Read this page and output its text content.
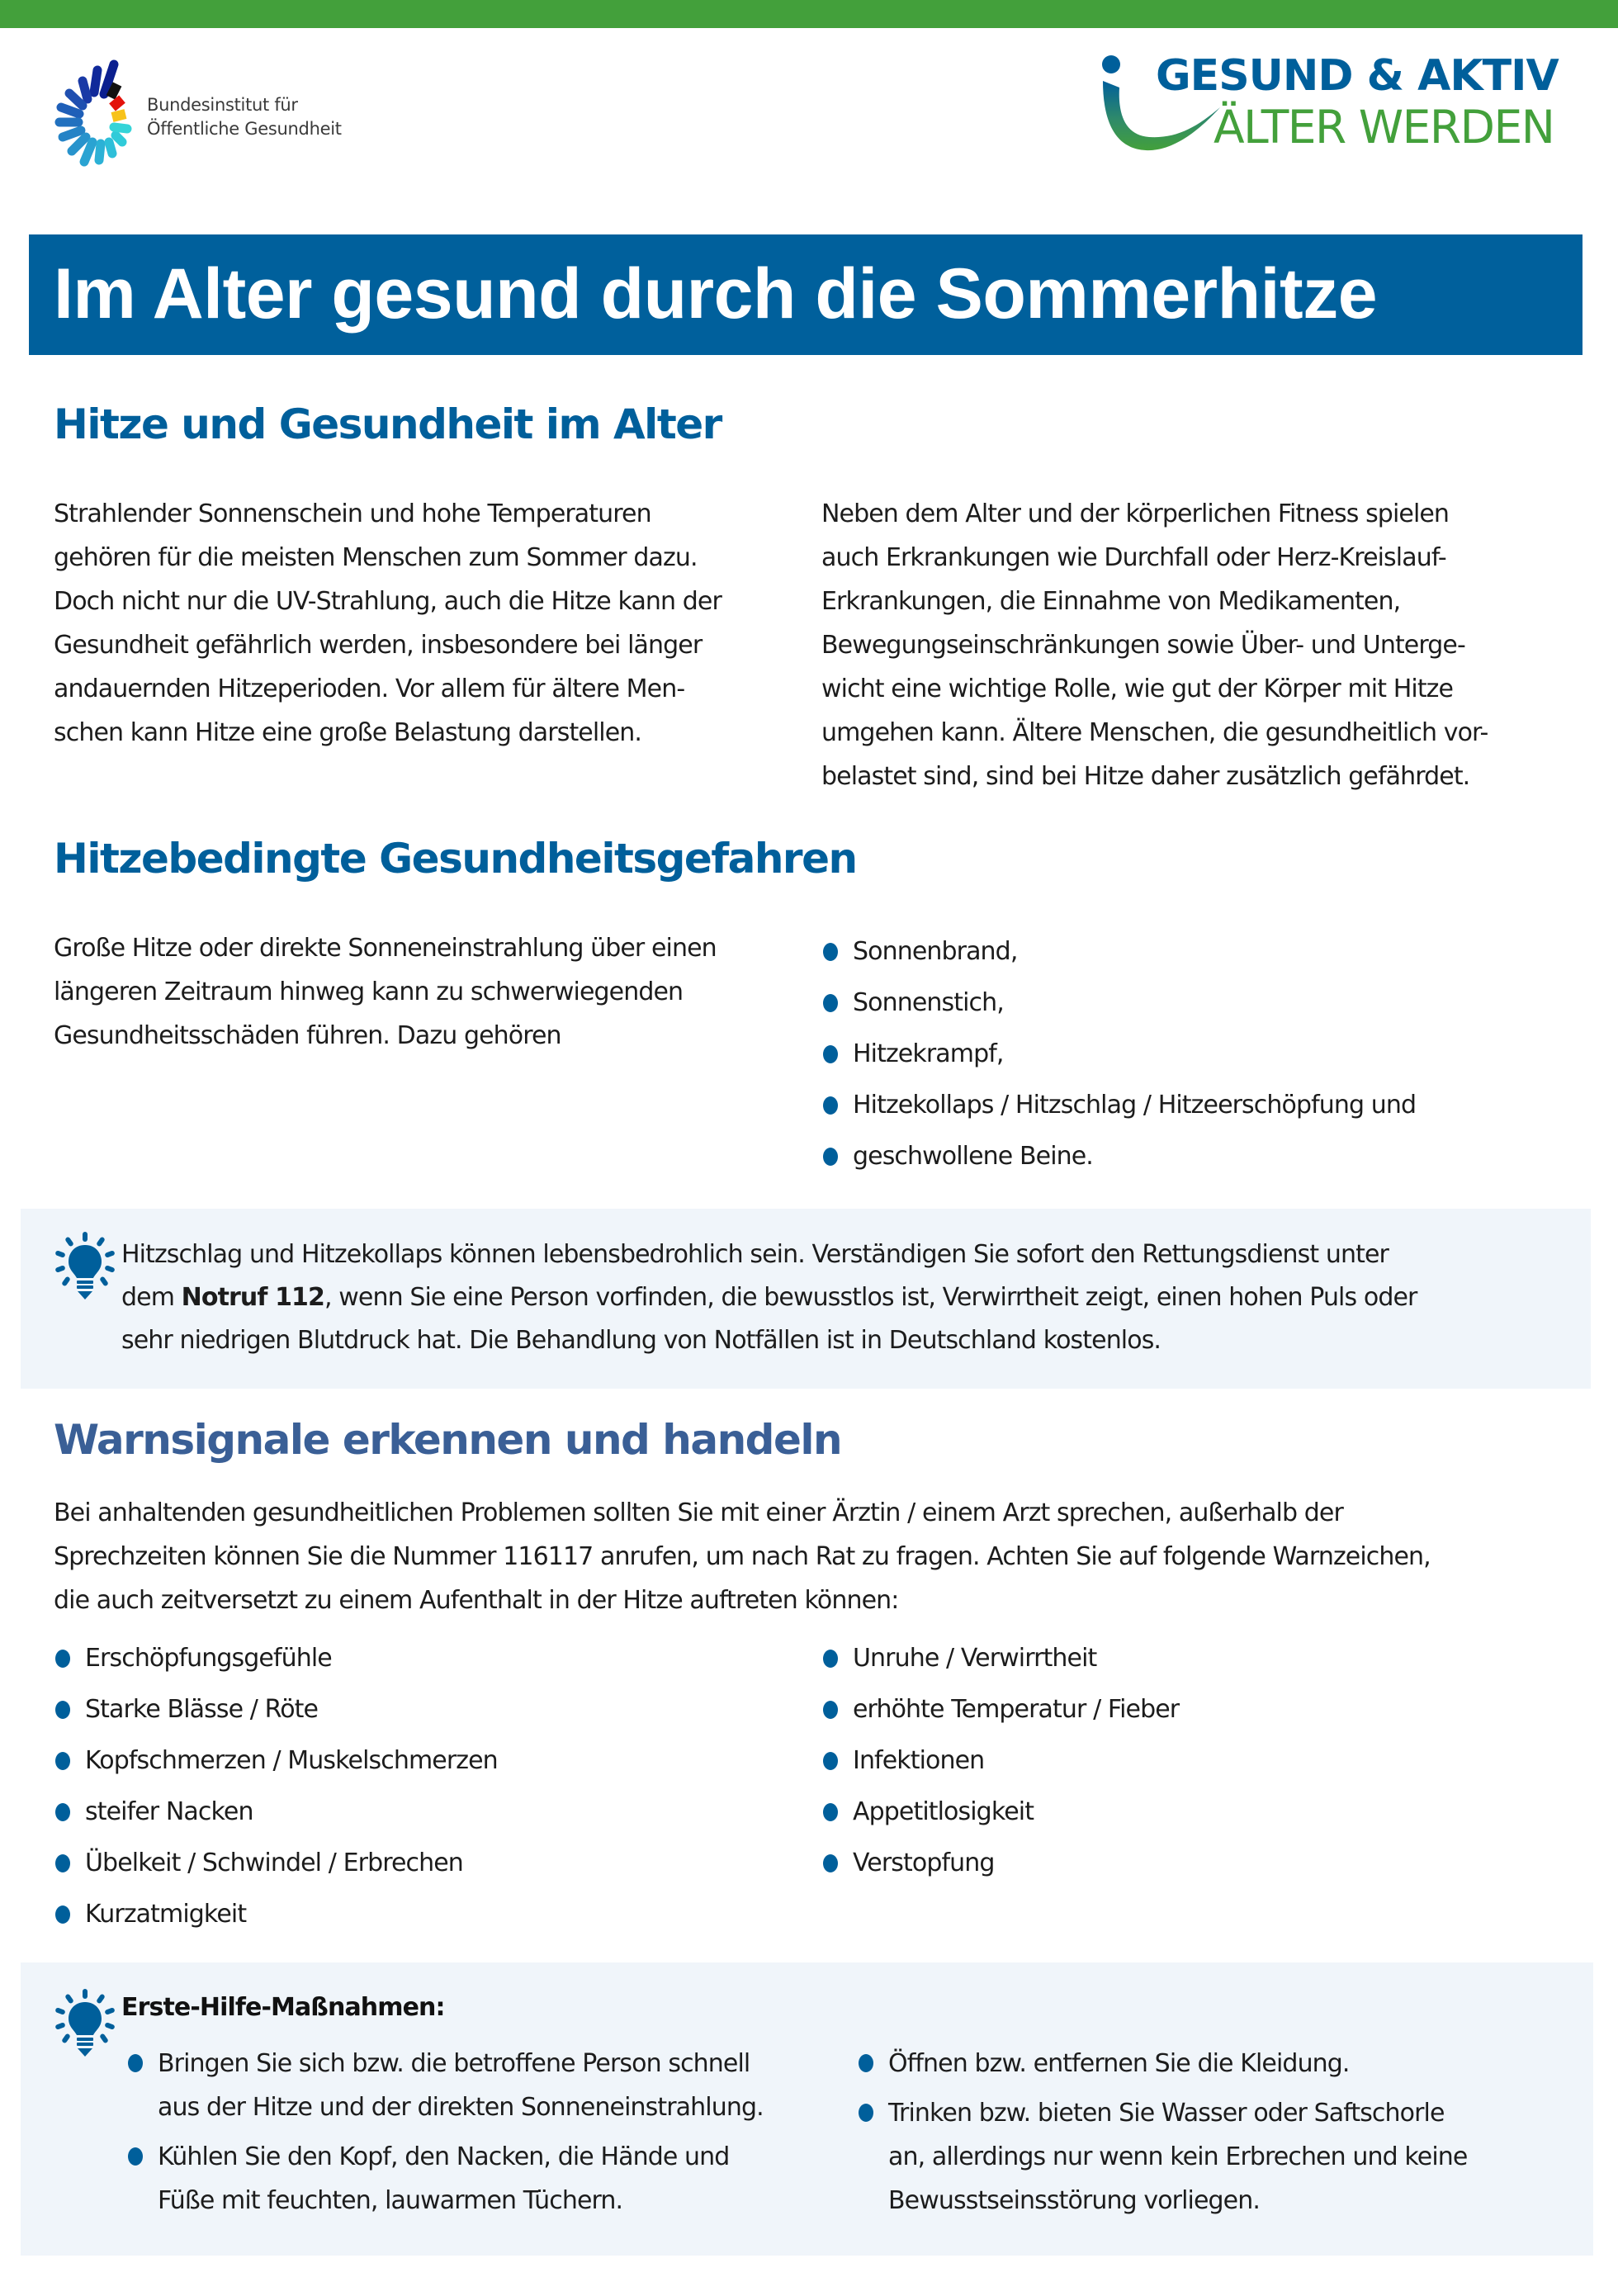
Bundesinstitut für
Öffentliche Gesundheit
GESUND & AKTIV
ÄLTER WERDEN
Im Alter gesund durch die Sommerhitze
Hitze und Gesundheit im Alter
Strahlender Sonnenschein und hohe Temperaturen
gehören für die meisten Menschen zum Sommer dazu.
Doch nicht nur die UV-Strahlung, auch die Hitze kann der
Gesundheit gefährlich werden, insbesondere bei länger
andauernden Hitzeperioden. Vor allem für ältere Men-
schen kann Hitze eine große Belastung darstellen.
Neben dem Alter und der körperlichen Fitness spielen
auch Erkrankungen wie Durchfall oder Herz-Kreislauf-
Erkrankungen, die Einnahme von Medikamenten,
Bewegungseinschränkungen sowie Über- und Unterge-
wicht eine wichtige Rolle, wie gut der Körper mit Hitze
umgehen kann. Ältere Menschen, die gesundheitlich vor-
belastet sind, sind bei Hitze daher zusätzlich gefährdet.
Hitzebedingte Gesundheitsgefahren
Große Hitze oder direkte Sonneneinstrahlung über einen
längeren Zeitraum hinweg kann zu schwerwiegenden
Gesundheitsschäden führen. Dazu gehören
Sonnenbrand,
Sonnenstich,
Hitzekrampf,
Hitzekollaps / Hitzschlag / Hitzeerschöpfung und
geschwollene Beine.
Hitzschlag und Hitzekollaps können lebensbedrohlich sein. Verständigen Sie sofort den Rettungsdienst unter
dem Notruf 112, wenn Sie eine Person vorfinden, die bewusstlos ist, Verwirrtheit zeigt, einen hohen Puls oder
sehr niedrigen Blutdruck hat. Die Behandlung von Notfällen ist in Deutschland kostenlos.
Warnsignale erkennen und handeln
Bei anhaltenden gesundheitlichen Problemen sollten Sie mit einer Ärztin / einem Arzt sprechen, außerhalb der
Sprechzeiten können Sie die Nummer 116117 anrufen, um nach Rat zu fragen. Achten Sie auf folgende Warnzeichen,
die auch zeitversetzt zu einem Aufenthalt in der Hitze auftreten können:
Erschöpfungsgefühle
Starke Blässe / Röte
Kopfschmerzen / Muskelschmerzen
steifer Nacken
Übelkeit / Schwindel / Erbrechen
Kurzatmigkeit
Unruhe / Verwirrtheit
erhöhte Temperatur / Fieber
Infektionen
Appetitlosigkeit
Verstopfung
Erste-Hilfe-Maßnahmen:
Bringen Sie sich bzw. die betroffene Person schnell
aus der Hitze und der direkten Sonneneinstrahlung.
Kühlen Sie den Kopf, den Nacken, die Hände und
Füße mit feuchten, lauwarmen Tüchern.
Öffnen bzw. entfernen Sie die Kleidung.
Trinken bzw. bieten Sie Wasser oder Saftschorle
an, allerdings nur wenn kein Erbrechen und keine
Bewusstseinsstörung vorliegen.
